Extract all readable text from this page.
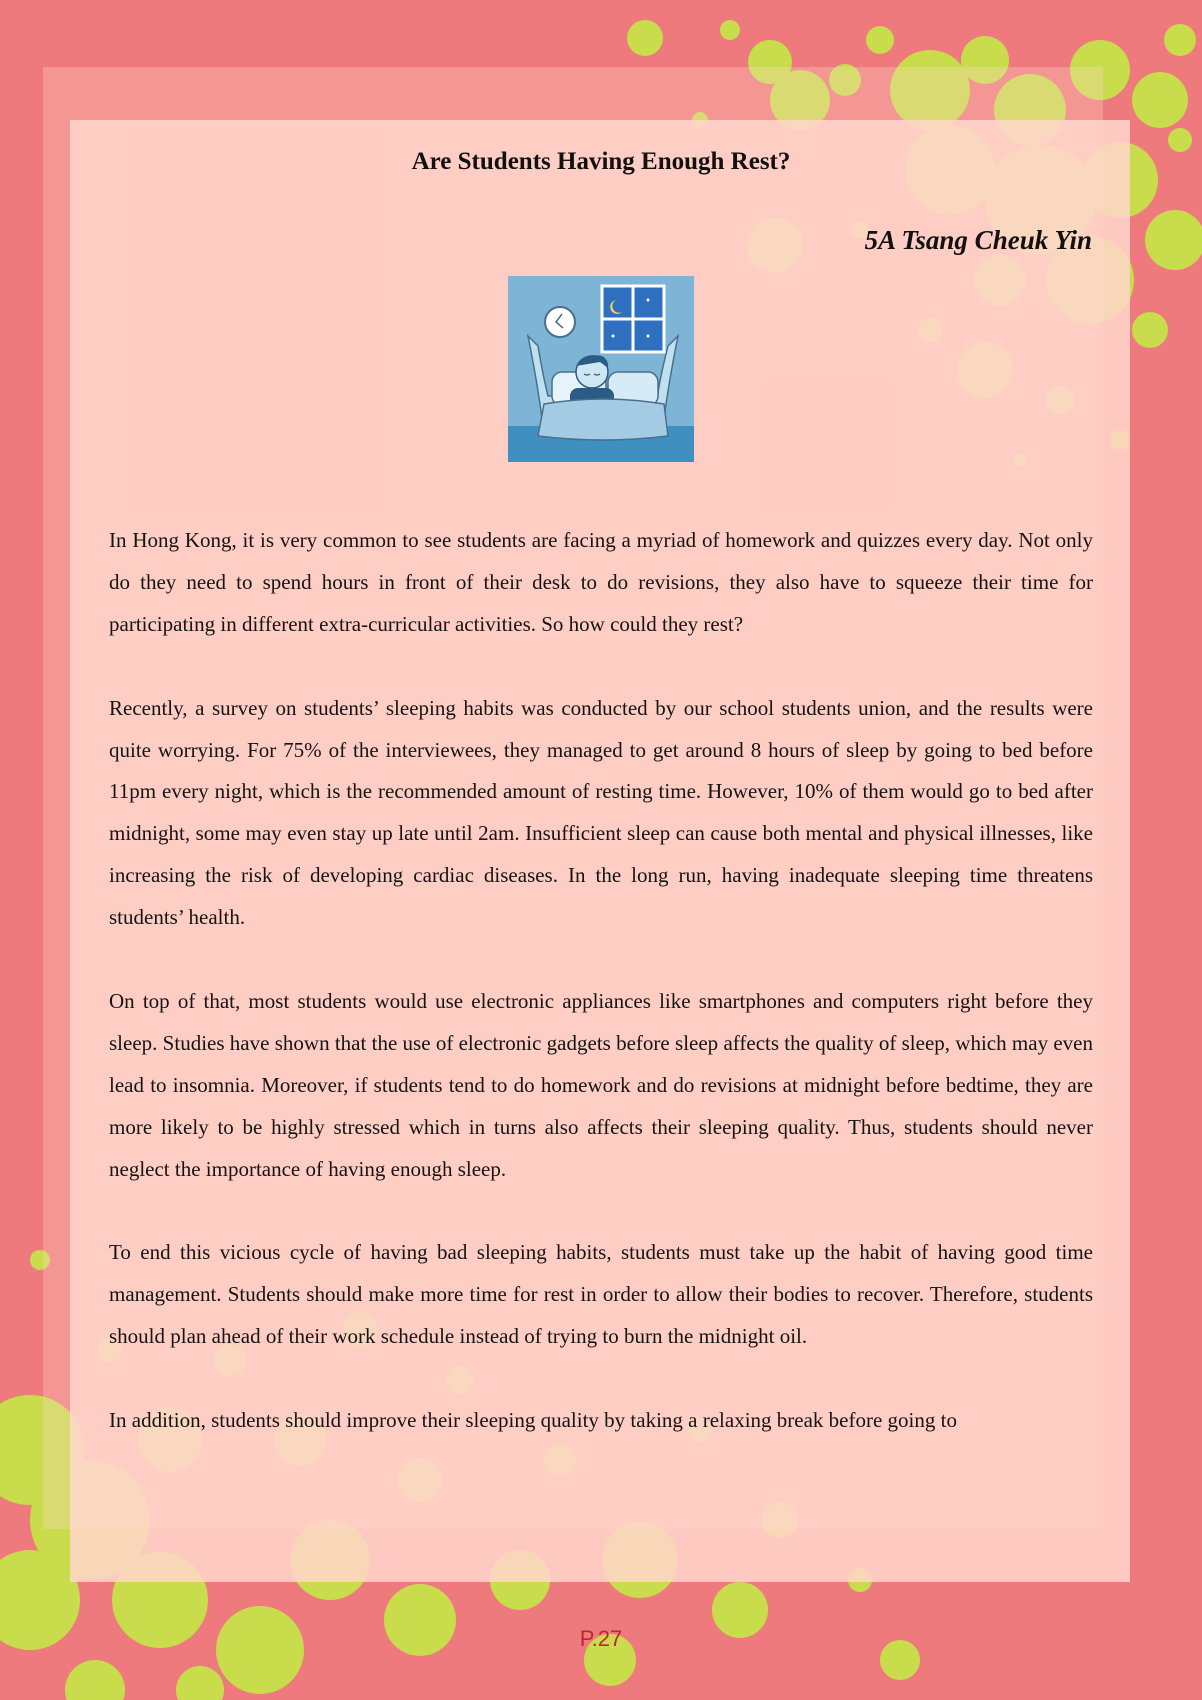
Are Students Having Enough Rest?
5A Tsang Cheuk Yin

In Hong Kong, it is very common to see students are facing a myriad of homework and quizzes every day. Not only do they need to spend hours in front of their desk to do revisions, they also have to squeeze their time for participating in different extra-curricular activities. So how could they rest?

Recently, a survey on students’ sleeping habits was conducted by our school students union, and the results were quite worrying. For 75% of the interviewees, they managed to get around 8 hours of sleep by going to bed before 11pm every night, which is the recommended amount of resting time. However, 10% of them would go to bed after midnight, some may even stay up late until 2am. Insufficient sleep can cause both mental and physical illnesses, like increasing the risk of developing cardiac diseases. In the long run, having inadequate sleeping time threatens students’ health.

On top of that, most students would use electronic appliances like smartphones and computers right before they sleep. Studies have shown that the use of electronic gadgets before sleep affects the quality of sleep, which may even lead to insomnia. Moreover, if students tend to do homework and do revisions at midnight before bedtime, they are more likely to be highly stressed which in turns also affects their sleeping quality. Thus, students should never neglect the importance of having enough sleep.

To end this vicious cycle of having bad sleeping habits, students must take up the habit of having good time management. Students should make more time for rest in order to allow their bodies to recover. Therefore, students should plan ahead of their work schedule instead of trying to burn the midnight oil.

In addition, students should improve their sleeping quality by taking a relaxing break before going to

P.27
